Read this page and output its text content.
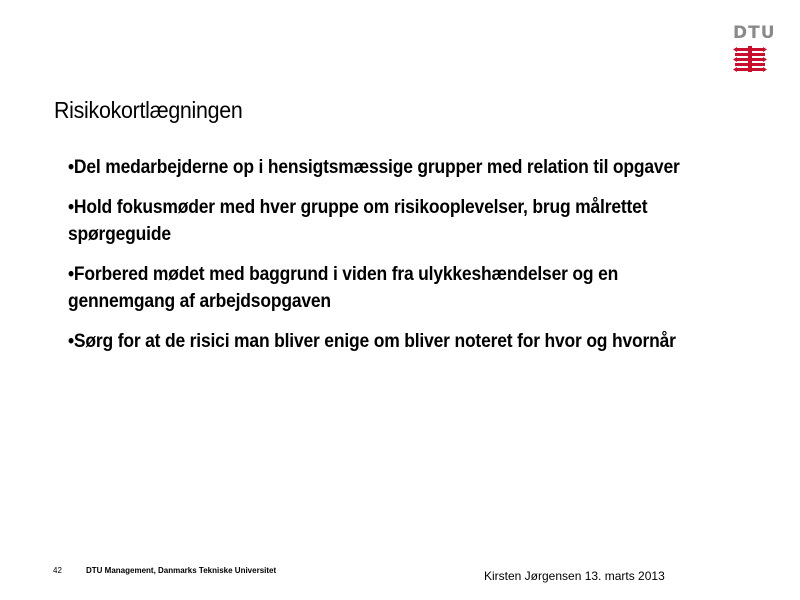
DTU
Risikokortlægningen
•Del medarbejderne op i hensigtsmæssige grupper med relation til opgaver
•Hold fokusmøder med hver gruppe om risikooplevelser, brug målrettet spørgeguide
•Forbered mødet med baggrund i viden fra ulykkeshændelser og en gennemgang af arbejdsopgaven
•Sørg for at de risici man bliver enige om bliver noteret for hvor og hvornår
42	DTU Management, Danmarks Tekniske Universitet	Kirsten Jørgensen 13. marts 2013
